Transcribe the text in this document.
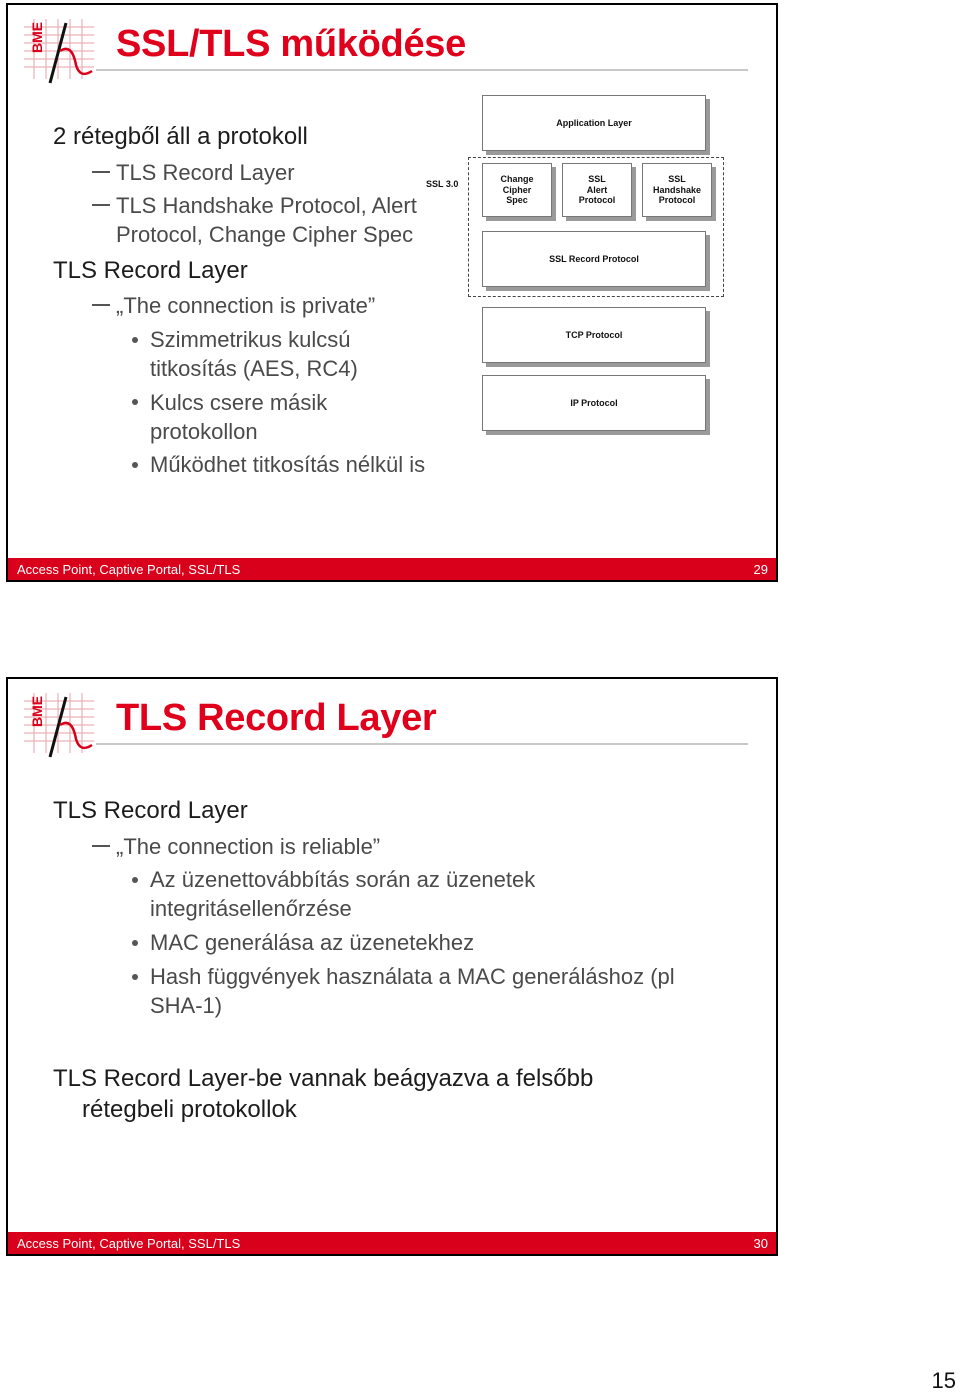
BME SSL/TLS működése
2 rétegből áll a protokoll
TLS Record Layer
TLS Handshake Protocol, Alert
Protocol, Change Cipher Spec
TLS Record Layer
„The connection is private”
Szimmetrikus kulcsú
titkosítás (AES, RC4)
Kulcs csere másik
protokollon
Működhet titkosítás nélkül is
SSL 3.0
Application Layer
Change
Cipher
Spec
SSL
Alert
Protocol
SSL
Handshake
Protocol
SSL Record Protocol
TCP Protocol
IP Protocol
Access Point, Captive Portal, SSL/TLS	29
BME TLS Record Layer
TLS Record Layer
„The connection is reliable”
Az üzenettovábbítás során az üzenetek
integritásellenőrzése
MAC generálása az üzenetekhez
Hash függvények használata a MAC generáláshoz (pl
SHA-1)
TLS Record Layer-be vannak beágyazva a felsőbb
rétegbeli protokollok
Access Point, Captive Portal, SSL/TLS	30
15
